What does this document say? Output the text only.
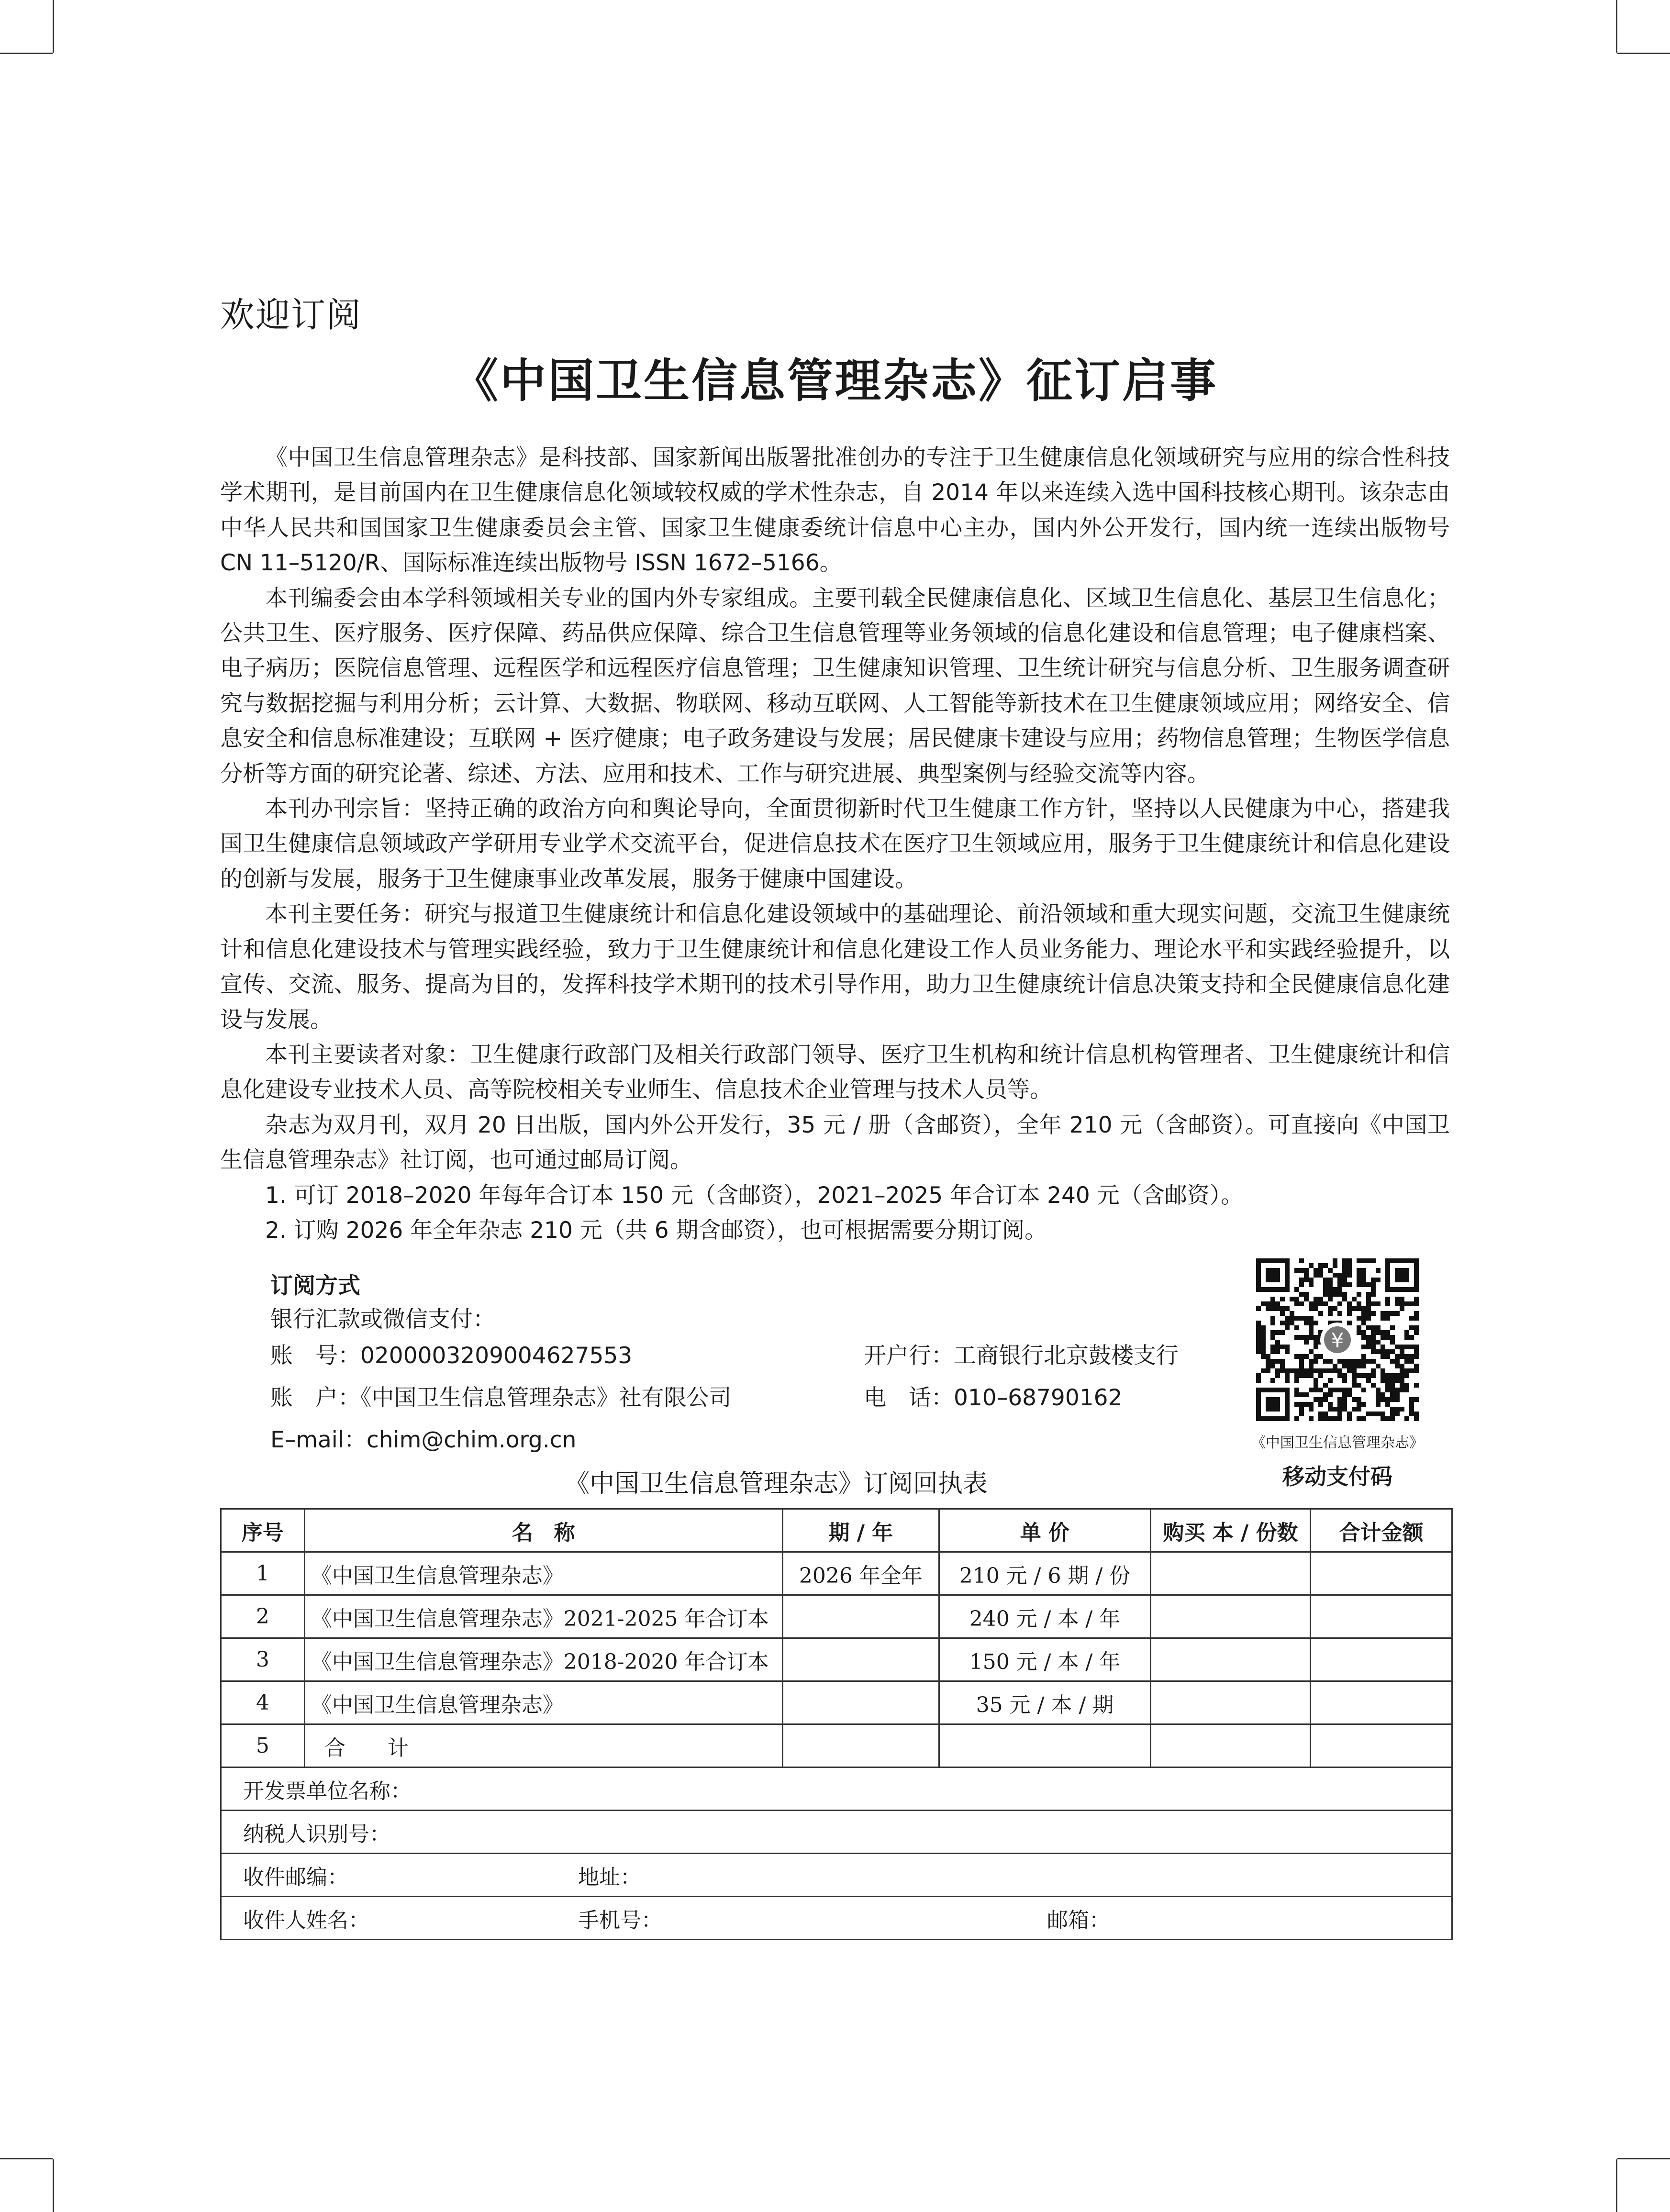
欢迎订阅
《中国卫生信息管理杂志》征订启事

《中国卫生信息管理杂志》是科技部、国家新闻出版署批准创办的专注于卫生健康信息化领域研究与应用的综合性科技学术期刊，是目前国内在卫生健康信息化领域较权威的学术性杂志，自 2014 年以来连续入选中国科技核心期刊。该杂志由中华人民共和国国家卫生健康委员会主管、国家卫生健康委统计信息中心主办，国内外公开发行，国内统一连续出版物号 CN 11–5120/R、国际标准连续出版物号 ISSN 1672–5166。

本刊编委会由本学科领域相关专业的国内外专家组成。主要刊载全民健康信息化、区域卫生信息化、基层卫生信息化；公共卫生、医疗服务、医疗保障、药品供应保障、综合卫生信息管理等业务领域的信息化建设和信息管理；电子健康档案、电子病历；医院信息管理、远程医学和远程医疗信息管理；卫生健康知识管理、卫生统计研究与信息分析、卫生服务调查研究与数据挖掘与利用分析；云计算、大数据、物联网、移动互联网、人工智能等新技术在卫生健康领域应用；网络安全、信息安全和信息标准建设；互联网 + 医疗健康；电子政务建设与发展；居民健康卡建设与应用；药物信息管理；生物医学信息分析等方面的研究论著、综述、方法、应用和技术、工作与研究进展、典型案例与经验交流等内容。

本刊办刊宗旨：坚持正确的政治方向和舆论导向，全面贯彻新时代卫生健康工作方针，坚持以人民健康为中心，搭建我国卫生健康信息领域政产学研用专业学术交流平台，促进信息技术在医疗卫生领域应用，服务于卫生健康统计和信息化建设的创新与发展，服务于卫生健康事业改革发展，服务于健康中国建设。

本刊主要任务：研究与报道卫生健康统计和信息化建设领域中的基础理论、前沿领域和重大现实问题，交流卫生健康统计和信息化建设技术与管理实践经验，致力于卫生健康统计和信息化建设工作人员业务能力、理论水平和实践经验提升，以宣传、交流、服务、提高为目的，发挥科技学术期刊的技术引导作用，助力卫生健康统计信息决策支持和全民健康信息化建设与发展。

本刊主要读者对象：卫生健康行政部门及相关行政部门领导、医疗卫生机构和统计信息机构管理者、卫生健康统计和信息化建设专业技术人员、高等院校相关专业师生、信息技术企业管理与技术人员等。

杂志为双月刊，双月 20 日出版，国内外公开发行，35 元 / 册（含邮资），全年 210 元（含邮资）。可直接向《中国卫生信息管理杂志》社订阅，也可通过邮局订阅。

1. 可订 2018–2020 年每年合订本 150 元（含邮资），2021–2025 年合订本 240 元（含邮资）。

2. 订购 2026 年全年杂志 210 元（共 6 期含邮资），也可根据需要分期订阅。

订阅方式
银行汇款或微信支付：
账　号：0200003209004627553
账　户：《中国卫生信息管理杂志》社有限公司
E–mail：chim@chim.org.cn
开户行：工商银行北京鼓楼支行
电　话：010–68790162
¥
《中国卫生信息管理杂志》
移动支付码
《中国卫生信息管理杂志》订阅回执表
序号	名　称	期 / 年	单 价	购买 本 / 份数	合计金额
1	《中国卫生信息管理杂志》	2026 年全年	210 元 / 6 期 / 份		
2	《中国卫生信息管理杂志》2021-2025 年合订本		240 元 / 本 / 年		
3	《中国卫生信息管理杂志》2018-2020 年合订本		150 元 / 本 / 年		
4	《中国卫生信息管理杂志》		35 元 / 本 / 期		
5	合　　计				
开发票单位名称：					
纳税人识别号：					
收件邮编： 地址：					
收件人姓名： 手机号： 邮箱：					
